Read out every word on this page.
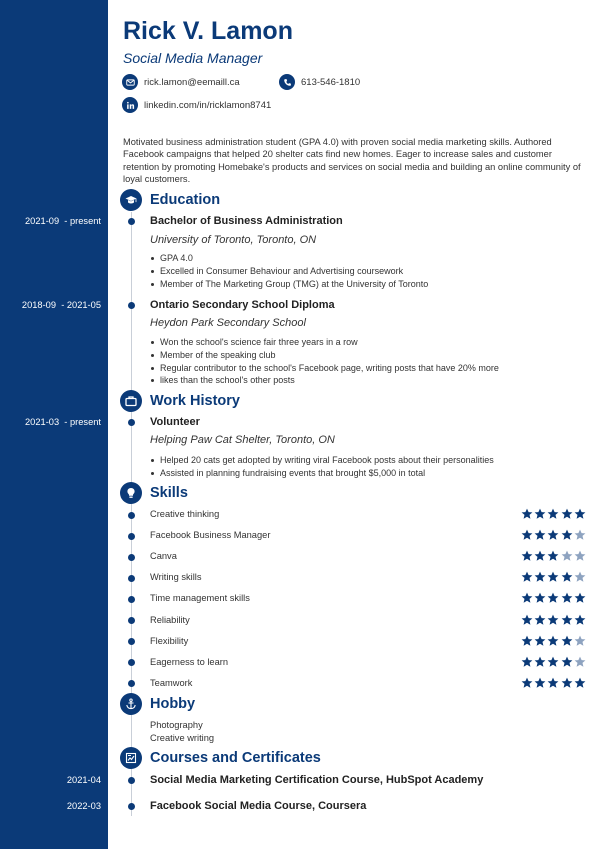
Rick V. Lamon
Social Media Manager
rick.lamon@eemaill.ca	613-546-1810
linkedin.com/in/ricklamon8741
Motivated business administration student (GPA 4.0) with proven social media marketing skills. Authored Facebook campaigns that helped 20 shelter cats find new homes. Eager to increase sales and customer retention by promoting Homebake's products and services on social media and building an online community of loyal customers.
Education
2021-09  - present	Bachelor of Business Administration
University of Toronto, Toronto, ON
GPA 4.0
Excelled in Consumer Behaviour and Advertising coursework
Member of The Marketing Group (TMG) at the University of Toronto
2018-09  - 2021-05	Ontario Secondary School Diploma
Heydon Park Secondary School
Won the school's science fair three years in a row
Member of the speaking club
Regular contributor to the school's Facebook page, writing posts that have 20% more
likes than the school's other posts
Work History
2021-03  - present	Volunteer
Helping Paw Cat Shelter, Toronto, ON
Helped 20 cats get adopted by writing viral Facebook posts about their personalities
Assisted in planning fundraising events that brought $5,000 in total
Skills
Creative thinking
Facebook Business Manager
Canva
Writing skills
Time management skills
Reliability
Flexibility
Eagerness to learn
Teamwork
Hobby
Photography
Creative writing
Courses and Certificates
2021-04	Social Media Marketing Certification Course, HubSpot Academy
2022-03	Facebook Social Media Course, Coursera
